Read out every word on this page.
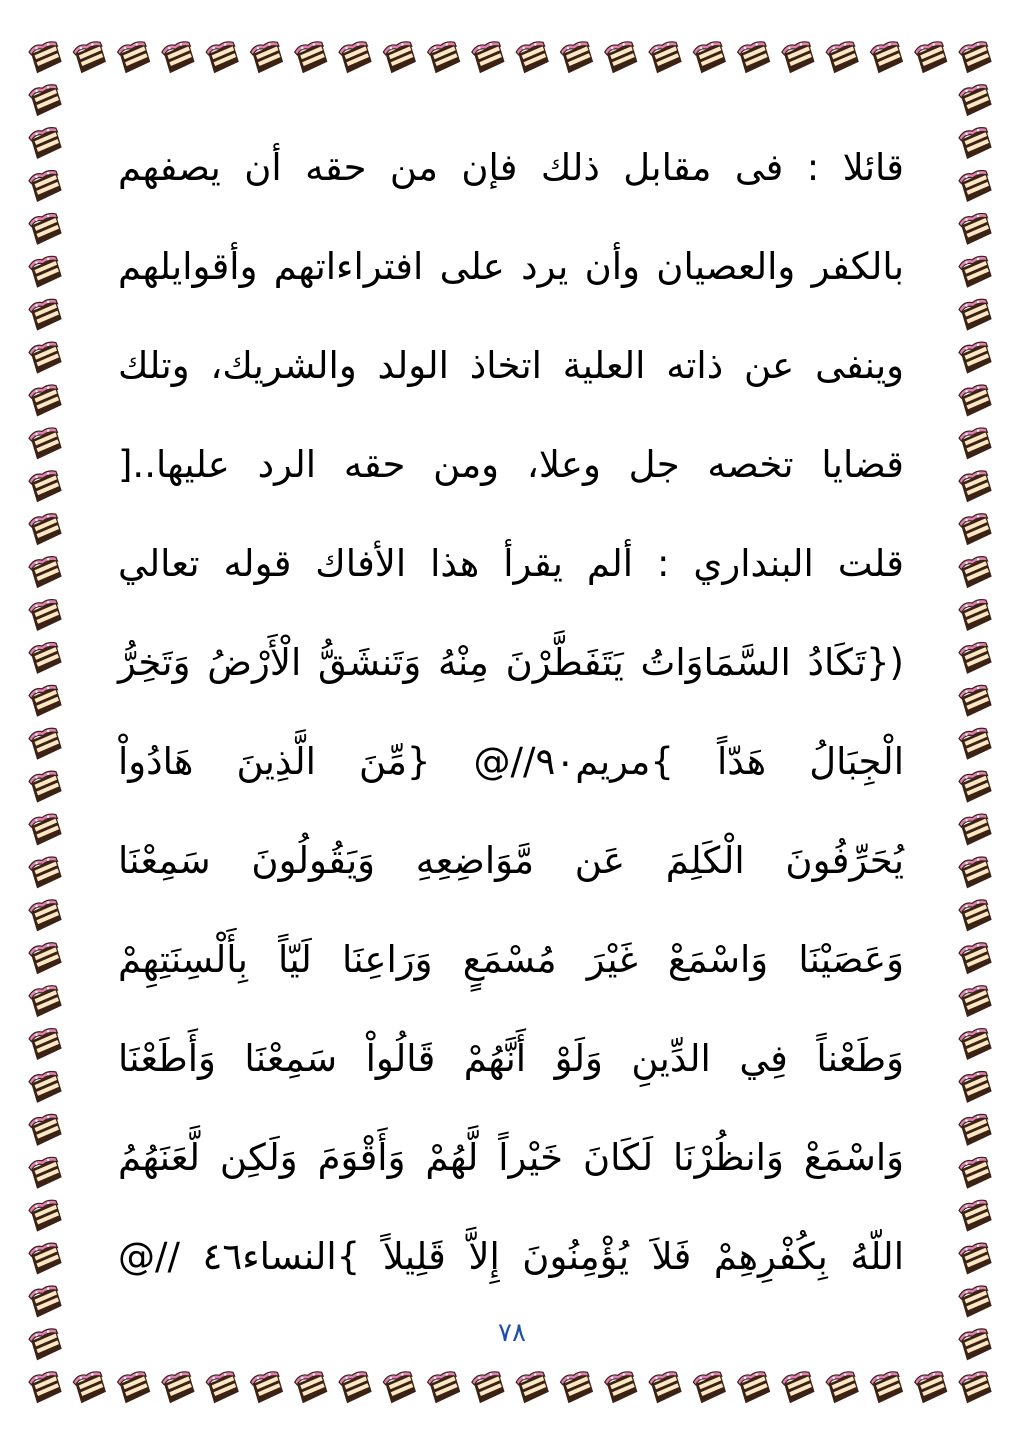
قائلا : فى مقابل ذلك فإن من حقه أن يصفهم
بالكفر والعصيان وأن يرد على افتراءاتهم وأقوايلهم
وينفى عن ذاته العلية اتخاذ الولد والشريك، وتلك
قضايا تخصه جل وعلا، ومن حقه الرد عليها..[
قلت البنداري : ألم يقرأ هذا الأفاك قوله تعالي
({تَكَادُ السَّمَاوَاتُ يَتَفَطَّرْنَ مِنْهُ وَتَنشَقُّ الْأَرْضُ وَتَخِرُّ
الْجِبَالُ هَدّاً }مريم٩٠//@ {مِّنَ الَّذِينَ هَادُواْ
يُحَرِّفُونَ الْكَلِمَ عَن مَّوَاضِعِهِ وَيَقُولُونَ سَمِعْنَا
وَعَصَيْنَا وَاسْمَعْ غَيْرَ مُسْمَعٍ وَرَاعِنَا لَيّاً بِأَلْسِنَتِهِمْ
وَطَعْناً فِي الدِّينِ وَلَوْ أَنَّهُمْ قَالُواْ سَمِعْنَا وَأَطَعْنَا
وَاسْمَعْ وَانظُرْنَا لَكَانَ خَيْراً لَّهُمْ وَأَقْوَمَ وَلَكِن لَّعَنَهُمُ
اللّهُ بِكُفْرِهِمْ فَلاَ يُؤْمِنُونَ إِلاَّ قَلِيلاً }النساء٤٦ //@
٧٨
